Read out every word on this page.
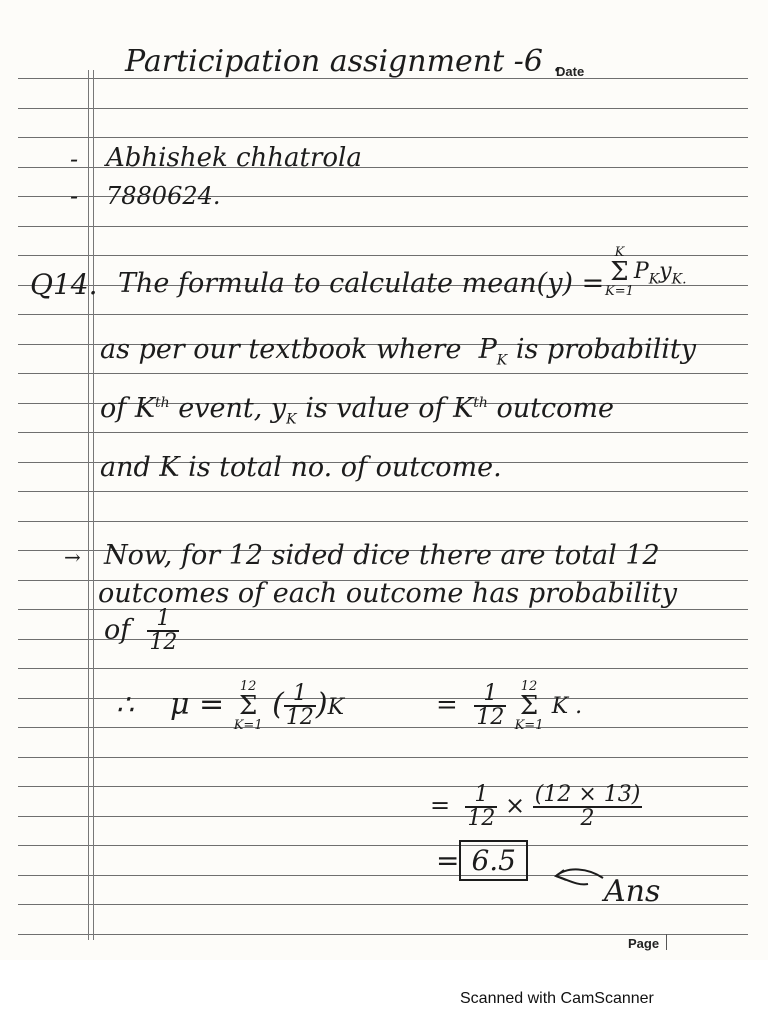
Participation assignment -6 .
Date
- Abhishek chhatrola
- 7880624.
Q14. The formula to calculate mean(y) =
K
Σ
K=1
$P_Ky_{K.}$
as per our textbook where $P_K$ is probability
of $K^{th}$ event, $y_K$ is value of $K^{th}$ outcome
and K is total no. of outcome.
→ Now, for 12 sided dice there are total 12
outcomes of each outcome has probability
of $\frac{1}{12}$
∴ μ =
12
Σ
K=1
( $\frac{1}{12} )K$	= $\frac{1}{12}$
	12
Σ
K=1
K .
= $\frac{1}{12} \times \frac{(12 \times 13)}{2}$
= 6.5
Ans
Page
Scanned with CamScanner
